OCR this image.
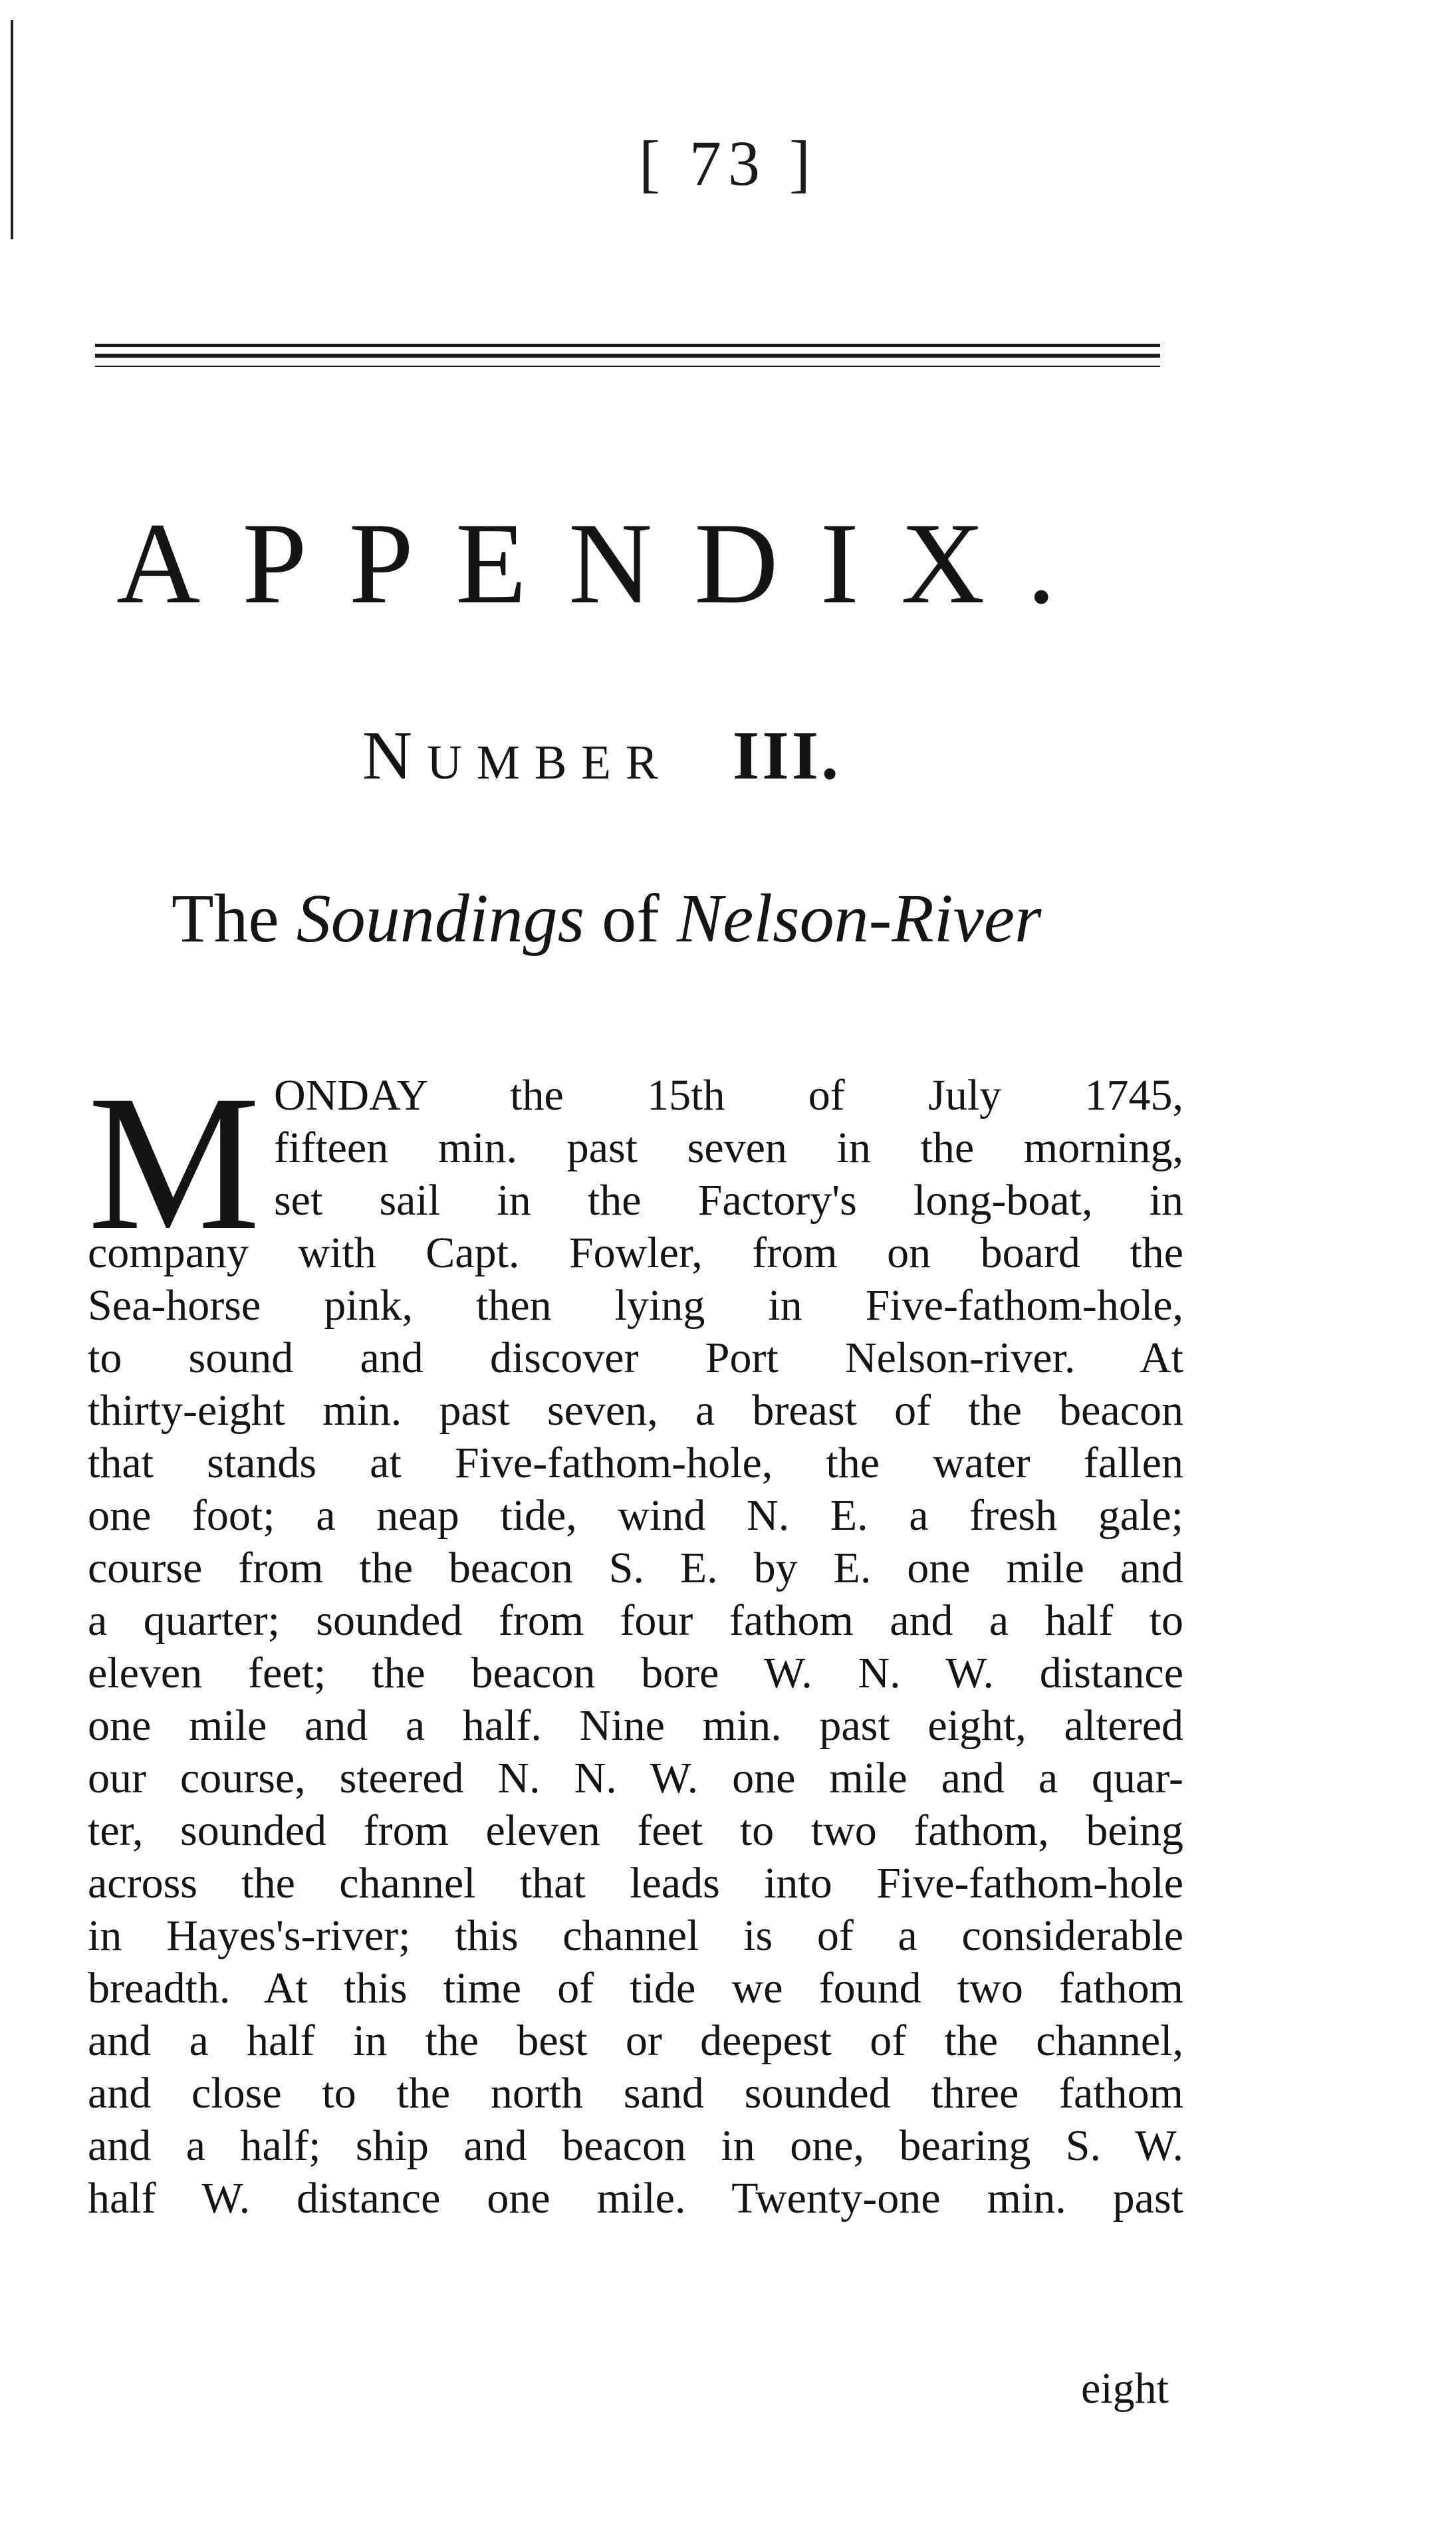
[ 73 ]
APPENDIX.
Number III.
The Soundings of Nelson-River
M ONDAY the 15th of July 1745,
fifteen min. past seven in the morning,
set sail in the Factory's long-boat, in
company with Capt. Fowler, from on board the
Sea-horse pink, then lying in Five-fathom-hole,
to sound and discover Port Nelson-river. At
thirty-eight min. past seven, a breast of the beacon
that stands at Five-fathom-hole, the water fallen
one foot; a neap tide, wind N. E. a fresh gale;
course from the beacon S. E. by E. one mile and
a quarter; sounded from four fathom and a half to
eleven feet; the beacon bore W. N. W. distance
one mile and a half. Nine min. past eight, altered
our course, steered N. N. W. one mile and a quar-
ter, sounded from eleven feet to two fathom, being
across the channel that leads into Five-fathom-hole
in Hayes's-river; this channel is of a considerable
breadth. At this time of tide we found two fathom
and a half in the best or deepest of the channel,
and close to the north sand sounded three fathom
and a half; ship and beacon in one, bearing S. W.
half W. distance one mile. Twenty-one min. past
eight
